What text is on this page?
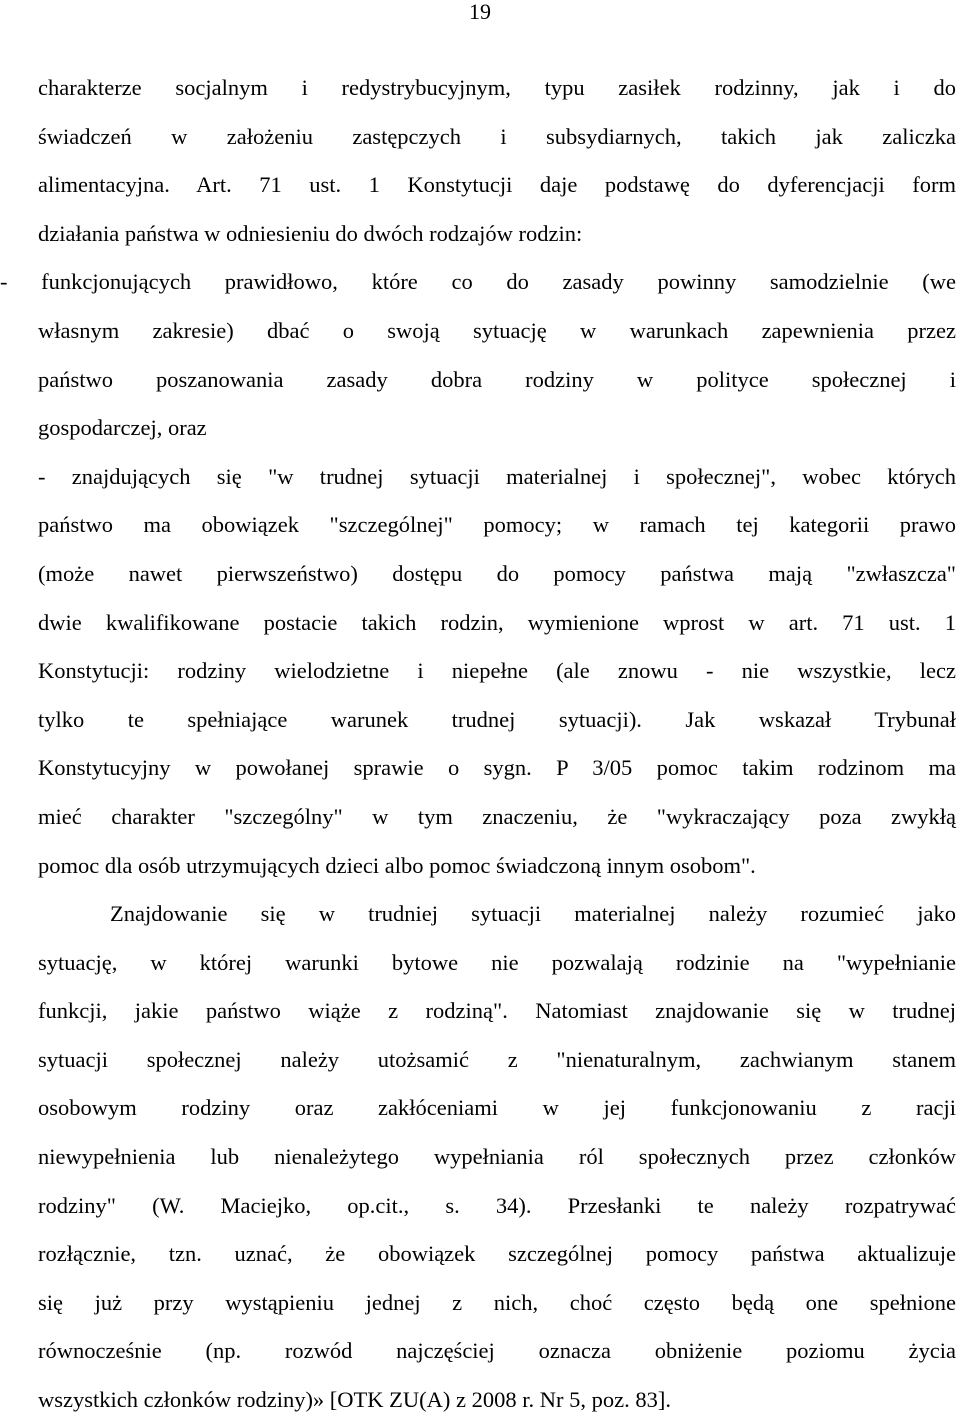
19
charakterze socjalnym i redystrybucyjnym, typu zasiłek rodzinny, jak i do
świadczeń w założeniu zastępczych i subsydiarnych, takich jak zaliczka
alimentacyjna. Art. 71 ust. 1 Konstytucji daje podstawę do dyferencjacji form
działania państwa w odniesieniu do dwóch rodzajów rodzin:
- funkcjonujących prawidłowo, które co do zasady powinny samodzielnie (we
własnym zakresie) dbać o swoją sytuację w warunkach zapewnienia przez
państwo poszanowania zasady dobra rodziny w polityce społecznej i
gospodarczej, oraz
- znajdujących się "w trudnej sytuacji materialnej i społecznej", wobec których
państwo ma obowiązek "szczególnej" pomocy; w ramach tej kategorii prawo
(może nawet pierwszeństwo) dostępu do pomocy państwa mają "zwłaszcza"
dwie kwalifikowane postacie takich rodzin, wymienione wprost w art. 71 ust. 1
Konstytucji: rodziny wielodzietne i niepełne (ale znowu - nie wszystkie, lecz
tylko te spełniające warunek trudnej sytuacji). Jak wskazał Trybunał
Konstytucyjny w powołanej sprawie o sygn. P 3/05 pomoc takim rodzinom ma
mieć charakter "szczególny" w tym znaczeniu, że "wykraczający poza zwykłą
pomoc dla osób utrzymujących dzieci albo pomoc świadczoną innym osobom".
Znajdowanie się w trudniej sytuacji materialnej należy rozumieć jako
sytuację, w której warunki bytowe nie pozwalają rodzinie na "wypełnianie
funkcji, jakie państwo wiąże z rodziną". Natomiast znajdowanie się w trudnej
sytuacji społecznej należy utożsamić z "nienaturalnym, zachwianym stanem
osobowym rodziny oraz zakłóceniami w jej funkcjonowaniu z racji
niewypełnienia lub nienależytego wypełniania ról społecznych przez członków
rodziny" (W. Maciejko, op.cit., s. 34). Przesłanki te należy rozpatrywać
rozłącznie, tzn. uznać, że obowiązek szczególnej pomocy państwa aktualizuje
się już przy wystąpieniu jednej z nich, choć często będą one spełnione
równocześnie (np. rozwód najczęściej oznacza obniżenie poziomu życia
wszystkich członków rodziny)» [OTK ZU(A) z 2008 r. Nr 5, poz. 83].
